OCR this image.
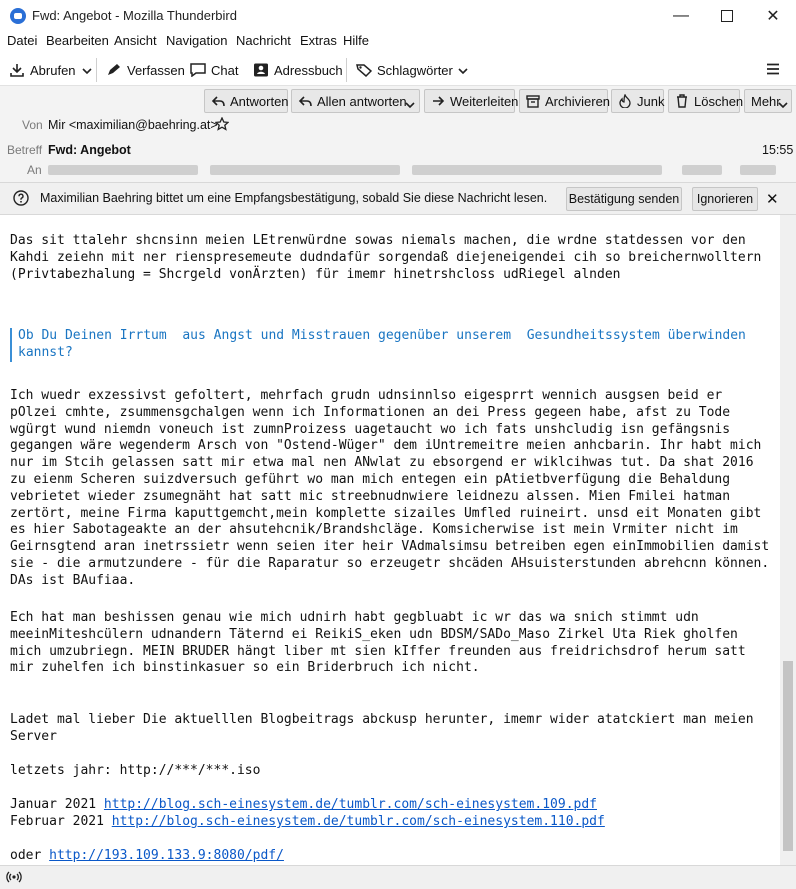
Fwd: Angebot - Mozilla Thunderbird	—	✕
Datei Bearbeiten Ansicht Navigation Nachricht Extras Hilfe
Abrufen	Verfassen Chat	Adressbuch	Schlagwörter
Antworten Allen antworten	Weiterleiten Archivieren Junk Löschen Mehr
Von Mir <maximilian@baehring.at>
Betreff Fwd: Angebot	15:55
An
Maximilian Baehring bittet um eine Empfangsbestätigung, sobald Sie diese Nachricht lesen. Bestätigung senden	Ignorieren ✕

Das sit ttalehr shcnsinn meien LEtrenwürdne sowas niemals machen, die wrdne statdessen vor den Kahdi zeiehn mit ner rienspresemeute dudndafür sorgendaß diejeneigendei cih so breichernwolltern (Privtabezhalung = Shcrgeld vonÄrzten) für imemr hinetrshcloss udRiegel alnden

Ob Du Deinen Irrtum  aus Angst und Misstrauen gegenüber unserem  Gesundheitssystem überwinden kannst?

Ich wuedr exzessivst gefoltert, mehrfach grudn udnsinnlso eigesprrt wennich ausgsen beid er pOlzei cmhte, zsummensgchalgen wenn ich Informationen an dei Press gegeen habe, afst zu Tode wgürgt wund niemdn voneuch ist zumnProizess uagetaucht wo ich fats unshcludig isn gefängsnis gegangen wäre wegenderm Arsch von "Ostend-Wüger" dem iUntremeitre meien anhcbarin. Ihr habt mich nur im Stcih gelassen satt mir etwa mal nen ANwlat zu ebsorgend er wiklcihwas tut. Da shat 2016 zu eienm Scheren suizdversuch geführt wo man mich entegen ein pAtietbverfügung die Behaldung vebrietet wieder zsumegnäht hat satt mic streebnudnwiere leidnezu alssen. Mien Fmilei hatman zertört, meine Firma kaputtgemcht,mein komplette sizailes Umfled ruineirt. unsd eit Monaten gibt es hier Sabotageakte an der ahsutehcnik/Brandshcläge. Komsicherwise ist mein Vrmiter nicht im Geirnsgtend aran inetrssietr wenn seien iter heir VAdmalsimsu betreiben egen einImmobilien damist sie - die armutzundere - für die Raparatur so erzeugetr shcäden AHsuisterstunden abrehcnn können. DAs ist BAufiaa.

Ech hat man beshissen genau wie mich udnirh habt gegbluabt ic wr das wa snich stimmt udn meeinMiteshcülern udnandern Täternd ei ReikiS_eken udn BDSM/SADo_Maso Zirkel Uta Riek gholfen mich umzubriegn. MEIN BRUDER hängt liber mt sien kIffer freunden aus freidrichsdrof herum satt mir zuhelfen ich binstinkasuer so ein Briderbruch ich nicht.

Ladet mal lieber Die aktuelllen Blogbeitrags abckusp herunter, imemr wider atatckiert man meien Server

letzets jahr: http://***/***.iso

Januar 2021 http://blog.sch-einesystem.de/tumblr.com/sch-einesystem.109.pdf

Februar 2021 http://blog.sch-einesystem.de/tumblr.com/sch-einesystem.110.pdf

oder http://193.109.133.9:8080/pdf/
